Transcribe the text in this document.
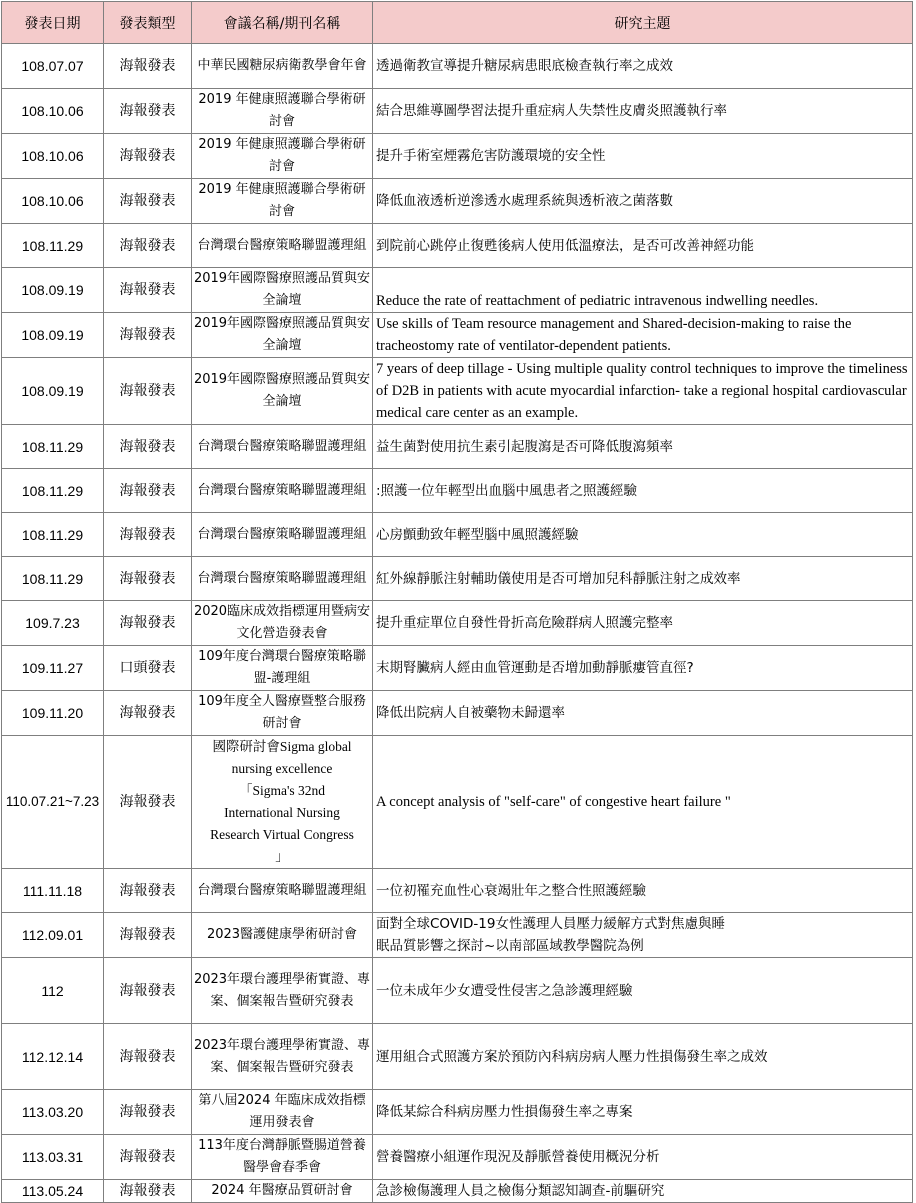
發表日期	發表類型	會議名稱/期刊名稱	研究主題
108.07.07	海報發表	中華民國糖尿病衛教學會年會	透過衛教宣導提升糖尿病患眼底檢查執行率之成效
108.10.06	海報發表	2019 年健康照護聯合學術研討會	結合思維導圖學習法提升重症病人失禁性皮膚炎照護執行率
108.10.06	海報發表	2019 年健康照護聯合學術研討會	提升手術室煙霧危害防護環境的安全性
108.10.06	海報發表	2019 年健康照護聯合學術研討會	降低血液透析逆滲透水處理系統與透析液之菌落數
108.11.29	海報發表	台灣環台醫療策略聯盟護理組	到院前心跳停止復甦後病人使用低溫療法，是否可改善神經功能
108.09.19	海報發表	2019年國際醫療照護品質與安全論壇	Reduce the rate of reattachment of pediatric intravenous indwelling needles.
108.09.19	海報發表	2019年國際醫療照護品質與安全論壇	Use skills of Team resource management and Shared-decision-making to raise the tracheostomy rate of ventilator-dependent patients.
108.09.19	海報發表	2019年國際醫療照護品質與安全論壇	7 years of deep tillage - Using multiple quality control techniques to improve the timeliness of D2B in patients with acute myocardial infarction- take a regional hospital cardiovascular medical care center as an example.
108.11.29	海報發表	台灣環台醫療策略聯盟護理組	益生菌對使用抗生素引起腹瀉是否可降低腹瀉頻率
108.11.29	海報發表	台灣環台醫療策略聯盟護理組	:照護一位年輕型出血腦中風患者之照護經驗
108.11.29	海報發表	台灣環台醫療策略聯盟護理組	心房顫動致年輕型腦中風照護經驗
108.11.29	海報發表	台灣環台醫療策略聯盟護理組	紅外線靜脈注射輔助儀使用是否可增加兒科靜脈注射之成效率
109.7.23	海報發表	2020臨床成效指標運用暨病安文化營造發表會	提升重症單位自發性骨折高危險群病人照護完整率
109.11.27	口頭發表	109年度台灣環台醫療策略聯盟-護理組	末期腎臟病人經由血管運動是否增加動靜脈瘻管直徑?
109.11.20	海報發表	109年度全人醫療暨整合服務研討會	降低出院病人自被藥物未歸還率
110.07.21~7.23	海報發表	國際研討會Sigma global nursing excellence 「Sigma's 32nd International Nursing Research Virtual Congress 」	A concept analysis of "self-care" of congestive heart failure "
111.11.18	海報發表	台灣環台醫療策略聯盟護理組	一位初罹充血性心衰竭壯年之整合性照護經驗
112.09.01	海報發表	2023醫護健康學術研討會	面對全球COVID-19女性護理人員壓力緩解方式對焦慮與睡眠品質影響之探討~以南部區域教學醫院為例
112	海報發表	2023年環台護理學術實證、專案、個案報告暨研究發表	一位未成年少女遭受性侵害之急診護理經驗
112.12.14	海報發表	2023年環台護理學術實證、專案、個案報告暨研究發表	運用組合式照護方案於預防內科病房病人壓力性損傷發生率之成效
113.03.20	海報發表	第八屆2024 年臨床成效指標運用發表會	降低某綜合科病房壓力性損傷發生率之專案
113.03.31	海報發表	113年度台灣靜脈暨腸道營養醫學會春季會	營養醫療小組運作現況及靜脈營養使用概況分析
113.05.24	海報發表	2024 年醫療品質研討會	急診檢傷護理人員之檢傷分類認知調查-前驅研究
